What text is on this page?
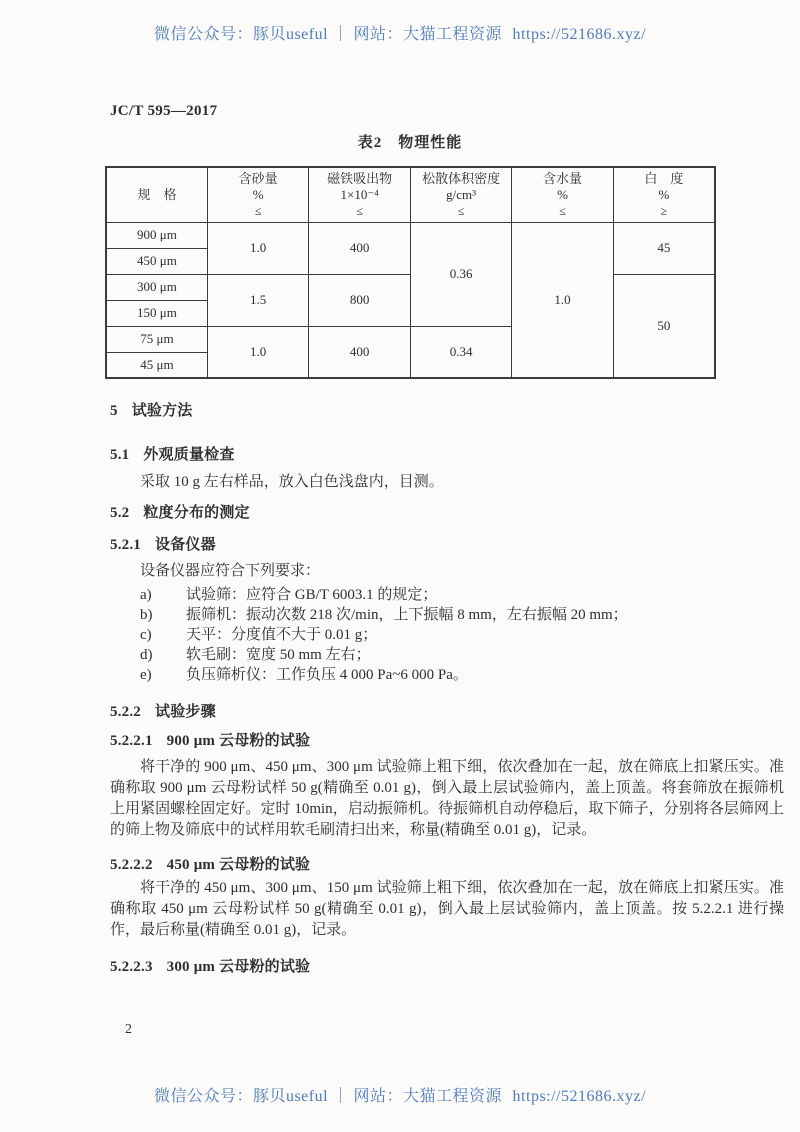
微信公众号：豚贝useful ｜ 网站：大猫工程资源 https://521686.xyz/
JC/T 595—2017
表2　物理性能
规　格	
含砂量
%
≤

磁铁吸出物
1×10⁻⁴
≤

松散体积密度
g/cm³
≤

含水量
%
≤

白　度
%
≥

900 μm	1.0	400	0.36	1.0	45
450 μm					
300 μm	1.5	800			50
150 μm					
75 μm	1.0	400	0.34		
45 μm					
5 试验方法
5.1 外观质量检查
采取 10 g 左右样品，放入白色浅盘内，目测。
5.2 粒度分布的测定
5.2.1 设备仪器
设备仪器应符合下列要求：
a)	试验筛：应符合 GB/T 6003.1 的规定；
b)	振筛机：振动次数 218 次/min，上下振幅 8 mm，左右振幅 20 mm；
c)	天平：分度值不大于 0.01 g；
d)	软毛刷：宽度 50 mm 左右；
e)	负压筛析仪：工作负压 4 000 Pa~6 000 Pa。
5.2.2 试验步骤
5.2.2.1 900 μm 云母粉的试验
将干净的 900 μm、450 μm、300 μm 试验筛上粗下细，依次叠加在一起，放在筛底上扣紧压实。准确称取 900 μm 云母粉试样 50 g(精确至 0.01 g)，倒入最上层试验筛内，盖上顶盖。将套筛放在振筛机上用紧固螺栓固定好。定时 10min，启动振筛机。待振筛机自动停稳后，取下筛子，分别将各层筛网上的筛上物及筛底中的试样用软毛刷清扫出来，称量(精确至 0.01 g)，记录。
5.2.2.2 450 μm 云母粉的试验
将干净的 450 μm、300 μm、150 μm 试验筛上粗下细，依次叠加在一起，放在筛底上扣紧压实。准确称取 450 μm 云母粉试样 50 g(精确至 0.01 g)，倒入最上层试验筛内，盖上顶盖。按 5.2.2.1 进行操作，最后称量(精确至 0.01 g)，记录。
5.2.2.3 300 μm 云母粉的试验
2
微信公众号：豚贝useful ｜ 网站：大猫工程资源 https://521686.xyz/
